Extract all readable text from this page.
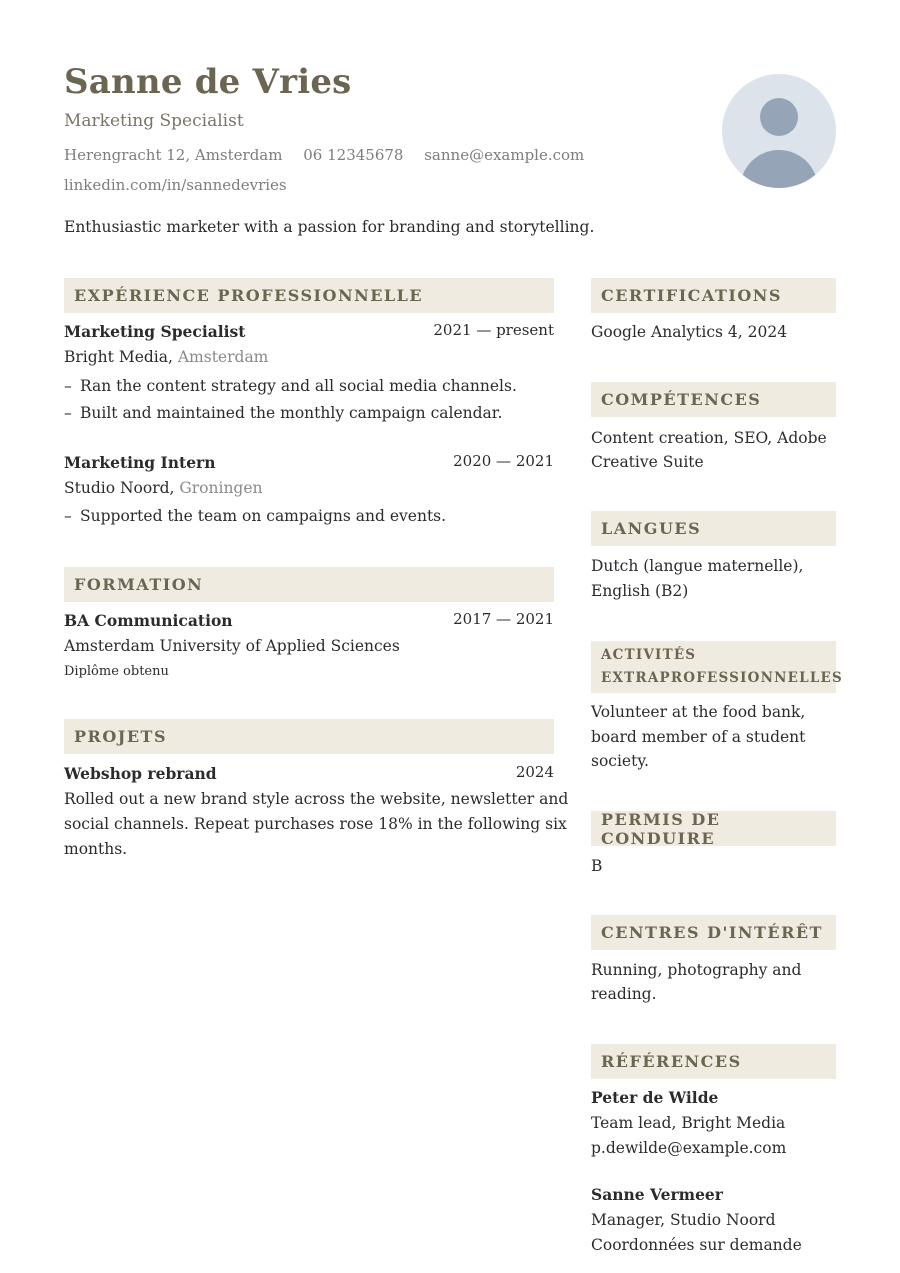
Sanne de Vries
Marketing Specialist
Herengracht 12, Amsterdam 06 12345678 sanne@example.com
linkedin.com/in/sannedevries
Enthusiastic marketer with a passion for branding and storytelling.
EXPÉRIENCE PROFESSIONNELLE
Marketing Specialist	2021 — present
Bright Media, Amsterdam
– Ran the content strategy and all social media channels.
– Built and maintained the monthly campaign calendar.
Marketing Intern	2020 — 2021
Studio Noord, Groningen
– Supported the team on campaigns and events.
FORMATION
BA Communication	2017 — 2021
Amsterdam University of Applied Sciences
Diplôme obtenu
PROJETS
Webshop rebrand	2024
Rolled out a new brand style across the website, newsletter and
social channels. Repeat purchases rose 18% in the following six
months.
CERTIFICATIONS
Google Analytics 4, 2024
COMPÉTENCES
Content creation, SEO, Adobe
Creative Suite
LANGUES
Dutch (langue maternelle),
English (B2)
ACTIVITÉS
EXTRAPROFESSIONNELLES
Volunteer at the food bank,
board member of a student
society.
PERMIS DE CONDUIRE
B
CENTRES D'INTÉRÊT
Running, photography and
reading.
RÉFÉRENCES
Peter de Wilde
Team lead, Bright Media
p.dewilde@example.com
Sanne Vermeer
Manager, Studio Noord
Coordonnées sur demande
